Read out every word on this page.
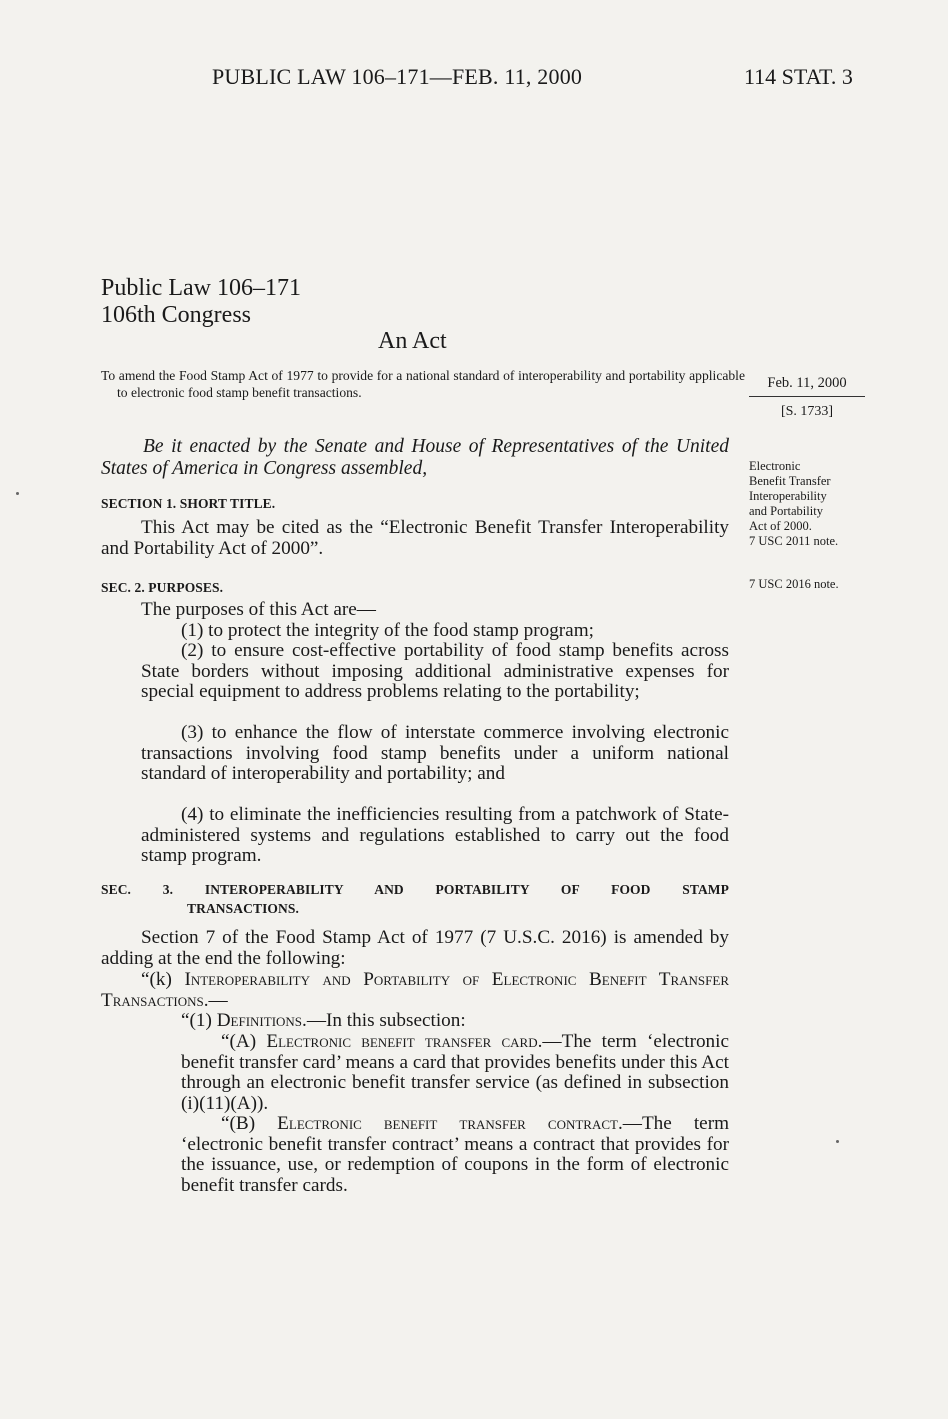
PUBLIC LAW 106–171—FEB. 11, 2000	114 STAT. 3
Public Law 106–171
106th Congress
An Act
To amend the Food Stamp Act of 1977 to provide for a national standard of interoperability and portability applicable to electronic food stamp benefit transactions.
Feb. 11, 2000
[S. 1733]
Be it enacted by the Senate and House of Representatives of the United States of America in Congress assembled,	Electronic
Benefit Transfer
Interoperability
and Portability
Act of 2000.
7 USC 2011 note.
7 USC 2016 note.
SECTION 1. SHORT TITLE.
This Act may be cited as the “Electronic Benefit Transfer Interoperability and Portability Act of 2000”.
SEC. 2. PURPOSES.
The purposes of this Act are—
(1) to protect the integrity of the food stamp program;
(2) to ensure cost-effective portability of food stamp benefits across State borders without imposing additional administrative expenses for special equipment to address problems relating to the portability;
(3) to enhance the flow of interstate commerce involving electronic transactions involving food stamp benefits under a uniform national standard of interoperability and portability; and
(4) to eliminate the inefficiencies resulting from a patchwork of State-administered systems and regulations established to carry out the food stamp program.
SEC. 3. INTEROPERABILITY AND PORTABILITY OF FOOD STAMP
TRANSACTIONS.
Section 7 of the Food Stamp Act of 1977 (7 U.S.C. 2016) is amended by adding at the end the following:
“(k) Interoperability and Portability of Electronic Benefit Transfer Transactions.—
“(1) Definitions.—In this subsection:
“(A) Electronic benefit transfer card.—The term ‘electronic benefit transfer card’ means a card that provides benefits under this Act through an electronic benefit transfer service (as defined in subsection (i)(11)(A)).
“(B) Electronic benefit transfer contract.—The term ‘electronic benefit transfer contract’ means a contract that provides for the issuance, use, or redemption of coupons in the form of electronic benefit transfer cards.
